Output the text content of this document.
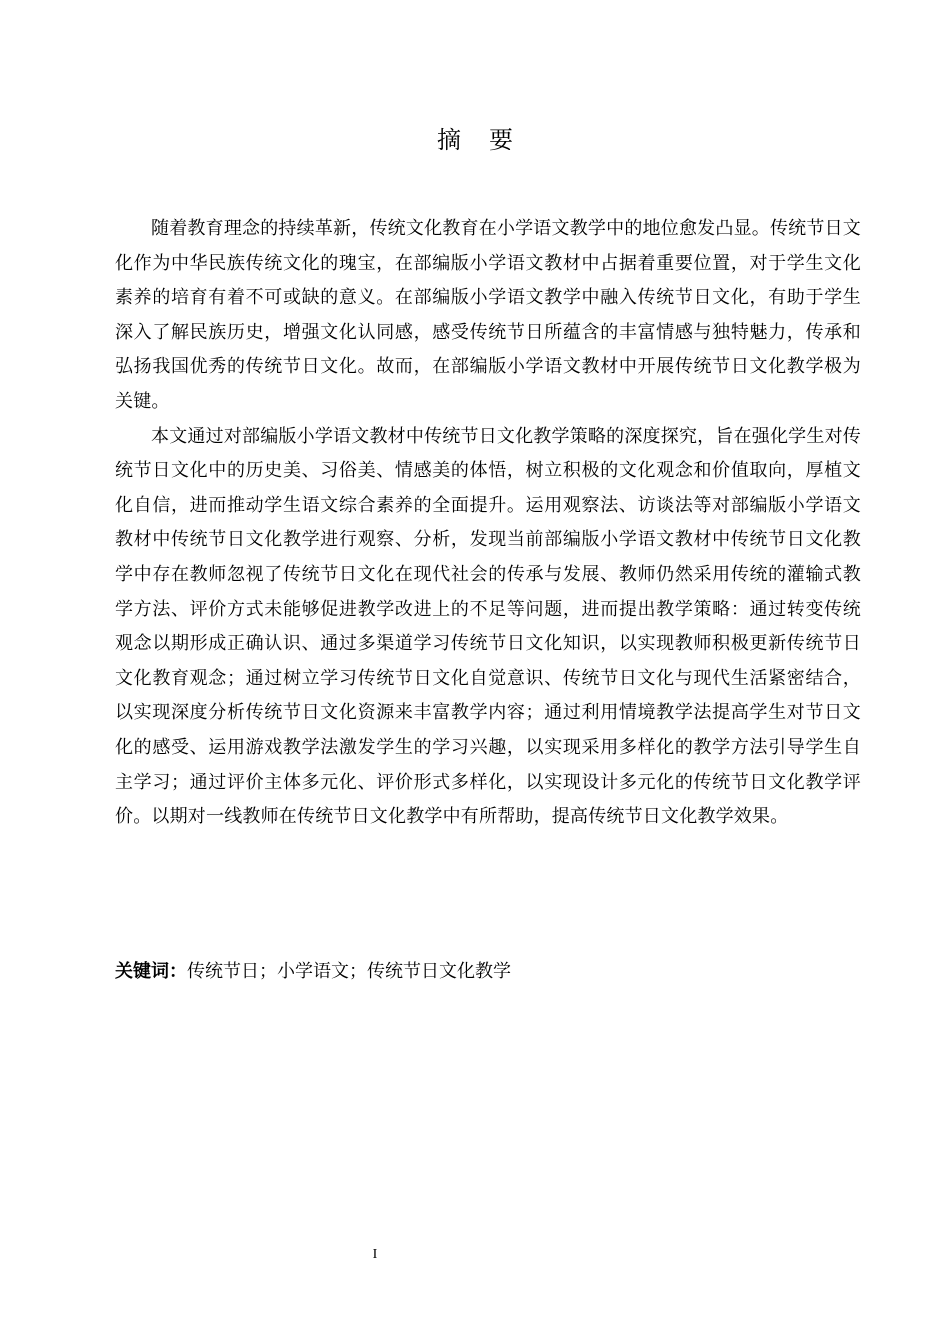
摘要

随着教育理念的持续革新，传统文化教育在小学语文教学中的地位愈发凸显。传统节日文化作为中华民族传统文化的瑰宝，在部编版小学语文教材中占据着重要位置，对于学生文化素养的培育有着不可或缺的意义。在部编版小学语文教学中融入传统节日文化，有助于学生深入了解民族历史，增强文化认同感，感受传统节日所蕴含的丰富情感与独特魅力，传承和弘扬我国优秀的传统节日文化。故而，在部编版小学语文教材中开展传统节日文化教学极为关键。

本文通过对部编版小学语文教材中传统节日文化教学策略的深度探究，旨在强化学生对传统节日文化中的历史美、习俗美、情感美的体悟，树立积极的文化观念和价值取向，厚植文化自信，进而推动学生语文综合素养的全面提升。运用观察法、访谈法等对部编版小学语文教材中传统节日文化教学进行观察、分析，发现当前部编版小学语文教材中传统节日文化教学中存在教师忽视了传统节日文化在现代社会的传承与发展、教师仍然采用传统的灌输式教学方法、评价方式未能够促进教学改进上的不足等问题，进而提出教学策略：通过转变传统观念以期形成正确认识、通过多渠道学习传统节日文化知识，以实现教师积极更新传统节日文化教育观念；通过树立学习传统节日文化自觉意识、传统节日文化与现代生活紧密结合，以实现深度分析传统节日文化资源来丰富教学内容；通过利用情境教学法提高学生对节日文化的感受、运用游戏教学法激发学生的学习兴趣，以实现采用多样化的教学方法引导学生自主学习；通过评价主体多元化、评价形式多样化，以实现设计多元化的传统节日文化教学评价。以期对一线教师在传统节日文化教学中有所帮助，提高传统节日文化教学效果。

关键词：传统节日；小学语文；传统节日文化教学
I
